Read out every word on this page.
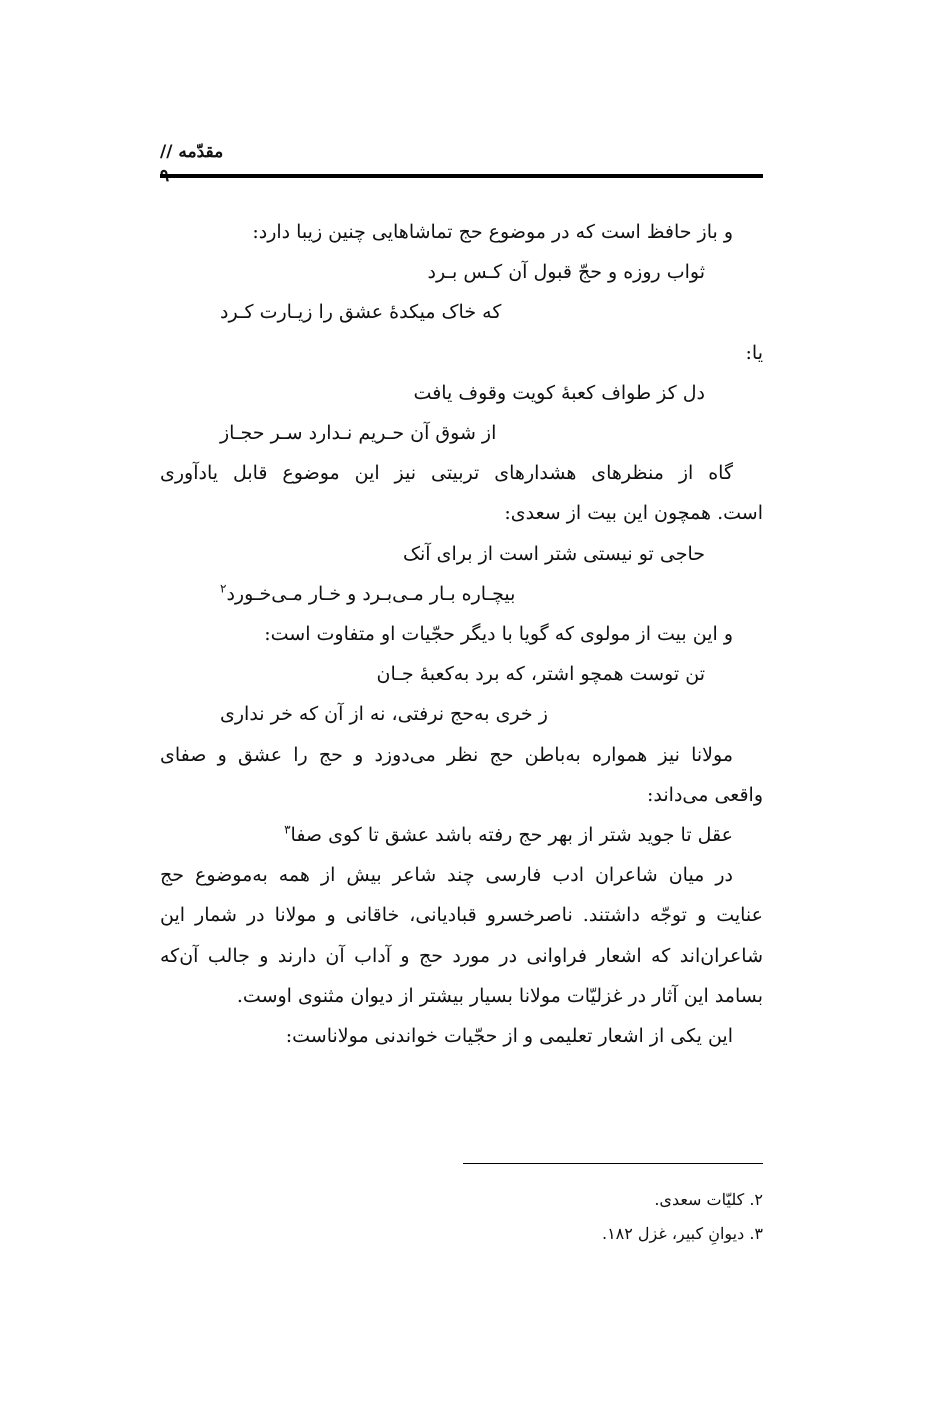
مقدّمه //
و باز حافظ است که در موضوع حج تماشاهایی چنین زیبا دارد:
ثواب روزه و حجّ قبول آن کـس بـرد
که خاک میکدهٔ عشق را زیـارت کـرد
یا:
دل کز طواف کعبهٔ کویت وقوف یافت
از شوق آن حـریم نـدارد سـر حجـاز
گاه از منظرهای هشدارهای تربیتی نیز این موضوع قابل یادآوری
است. همچون این بیت از سعدی:
حاجی تو نیستی شتر است از برای آنک
بیچـاره بـار مـی‌بـرد و خـار مـی‌خـورد$^۲$
و این بیت از مولوی که گویا با دیگر حجّیات او متفاوت است:
تن توست همچو اشتر، که برد به‌کعبهٔ جـان
ز خری به‌حج نرفتی، نه از آن که خر نداری
مولانا نیز همواره به‌باطن حج نظر می‌دوزد و حج را عشق و صفای
واقعی می‌داند:
عقل تا جوید شتر از بهر حج رفته باشد عشق تا کوی صفا$^۳$
در میان شاعران ادب فارسی چند شاعر بیش از همه به‌موضوع حج
عنایت و توجّه داشتند. ناصرخسرو قبادیانی، خاقانی و مولانا در شمار این
شاعران‌اند که اشعار فراوانی در مورد حج و آداب آن دارند و جالب آن‌که
بسامد این آثار در غزلیّات مولانا بسیار بیشتر از دیوان مثنوی اوست.
این یکی از اشعار تعلیمی و از حجّیات خواندنی مولاناست:
۲. کلیّات سعدی.
۳. دیوانِ کبیر، غزل ۱۸۲.
